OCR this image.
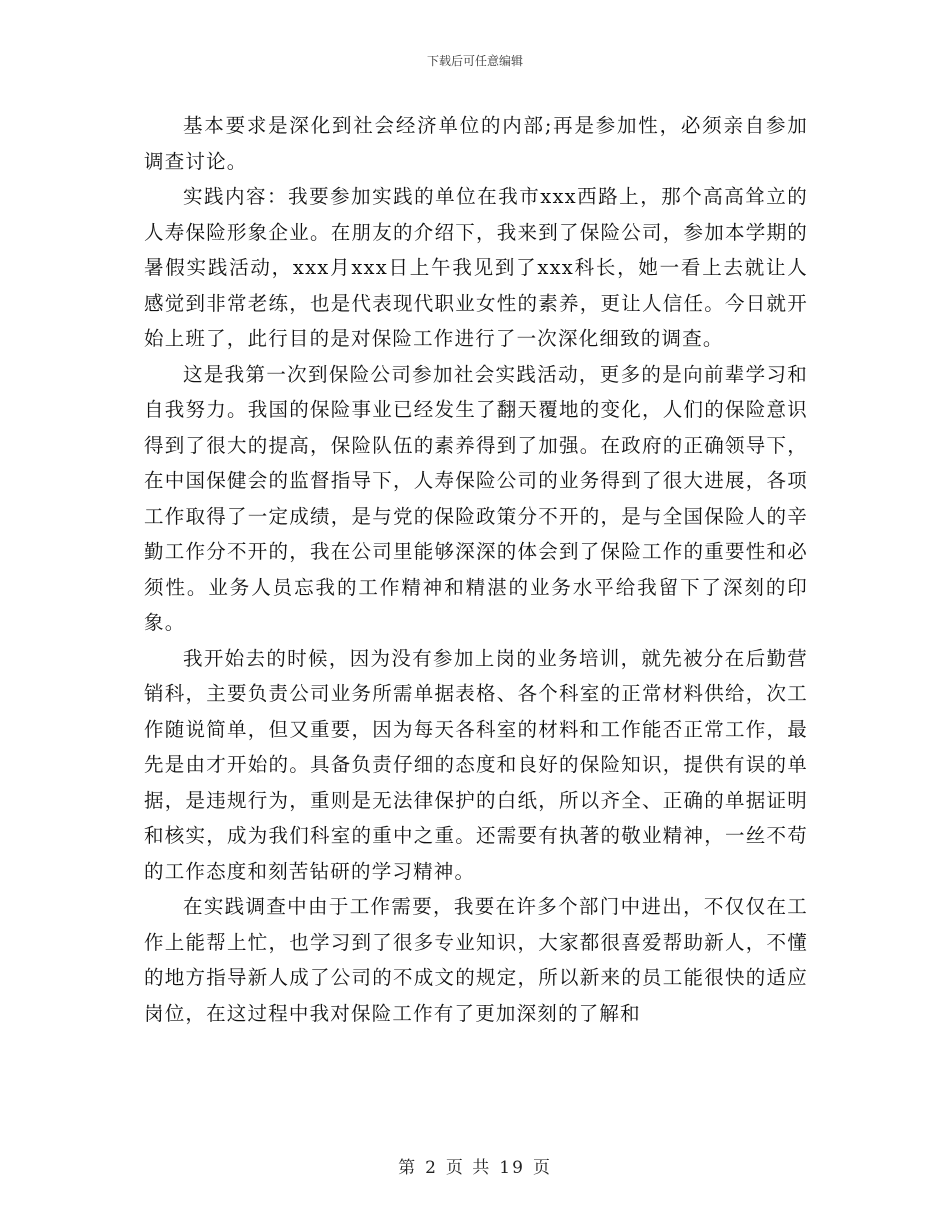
下载后可任意编辑

基本要求是深化到社会经济单位的内部;再是参加性，必须亲自参加调查讨论。

实践内容：我要参加实践的单位在我市xxx西路上，那个高高耸立的人寿保险形象企业。在朋友的介绍下，我来到了保险公司，参加本学期的暑假实践活动，xxx月xxx日上午我见到了xxx科长，她一看上去就让人感觉到非常老练，也是代表现代职业女性的素养，更让人信任。今日就开始上班了，此行目的是对保险工作进行了一次深化细致的调查。

这是我第一次到保险公司参加社会实践活动，更多的是向前辈学习和自我努力。我国的保险事业已经发生了翻天覆地的变化，人们的保险意识得到了很大的提高，保险队伍的素养得到了加强。在政府的正确领导下，在中国保健会的监督指导下，人寿保险公司的业务得到了很大进展，各项工作取得了一定成绩，是与党的保险政策分不开的，是与全国保险人的辛勤工作分不开的，我在公司里能够深深的体会到了保险工作的重要性和必须性。业务人员忘我的工作精神和精湛的业务水平给我留下了深刻的印象。

我开始去的时候，因为没有参加上岗的业务培训，就先被分在后勤营销科，主要负责公司业务所需单据表格、各个科室的正常材料供给，次工作随说简单，但又重要，因为每天各科室的材料和工作能否正常工作，最先是由才开始的。具备负责仔细的态度和良好的保险知识，提供有误的单据，是违规行为，重则是无法律保护的白纸，所以齐全、正确的单据证明和核实，成为我们科室的重中之重。还需要有执著的敬业精神，一丝不苟的工作态度和刻苦钻研的学习精神。

在实践调查中由于工作需要，我要在许多个部门中进出，不仅仅在工作上能帮上忙，也学习到了很多专业知识，大家都很喜爱帮助新人，不懂的地方指导新人成了公司的不成文的规定，所以新来的员工能很快的适应岗位，在这过程中我对保险工作有了更加深刻的了解和

第 2 页 共 19 页
